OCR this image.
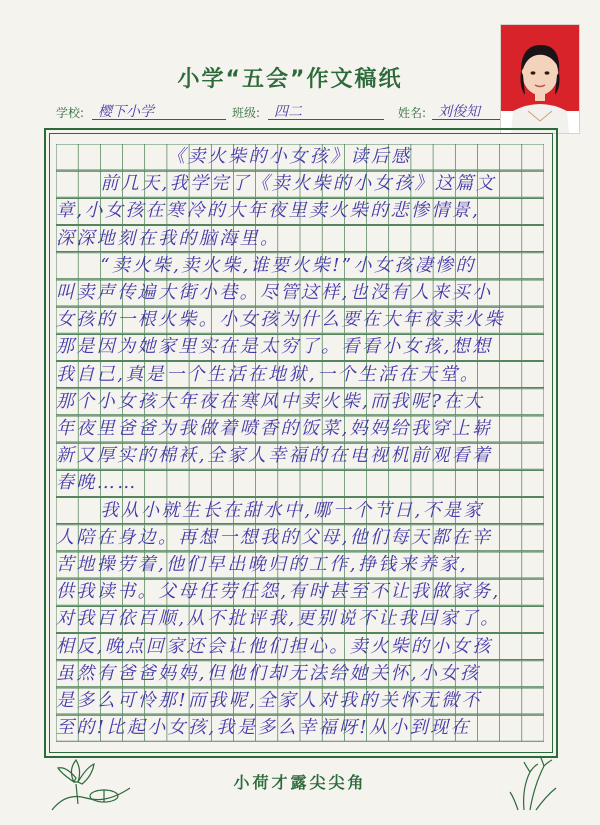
小学“五会”作文稿纸
学校: 樱下小学	班级: 四二	姓名: 刘俊知
《卖火柴的小女孩》读后感
前几天,我学完了《卖火柴的小女孩》这篇文
章,小女孩在寒冷的大年夜里卖火柴的悲惨情景,
深深地刻在我的脑海里。
“卖火柴,卖火柴,谁要火柴!”小女孩凄惨的
叫卖声传遍大街小巷。尽管这样,也没有人来买小
女孩的一根火柴。小女孩为什么要在大年夜卖火柴
那是因为她家里实在是太穷了。看看小女孩,想想
我自己,真是一个生活在地狱,一个生活在天堂。
那个小女孩大年夜在寒风中卖火柴,而我呢?在大
年夜里爸爸为我做着喷香的饭菜,妈妈给我穿上崭
新又厚实的棉袄,全家人幸福的在电视机前观看着
春晚……
我从小就生长在甜水中,哪一个节日,不是家
人陪在身边。再想一想我的父母,他们每天都在辛
苦地操劳着,他们早出晚归的工作,挣钱来养家,
供我读书。父母任劳任怨,有时甚至不让我做家务,
对我百依百顺,从不批评我,更别说不让我回家了。
相反,晚点回家还会让他们担心。卖火柴的小女孩
虽然有爸爸妈妈,但他们却无法给她关怀,小女孩
是多么可怜那!而我呢,全家人对我的关怀无微不
至的!比起小女孩,我是多么幸福呀!从小到现在
小荷才露尖尖角
